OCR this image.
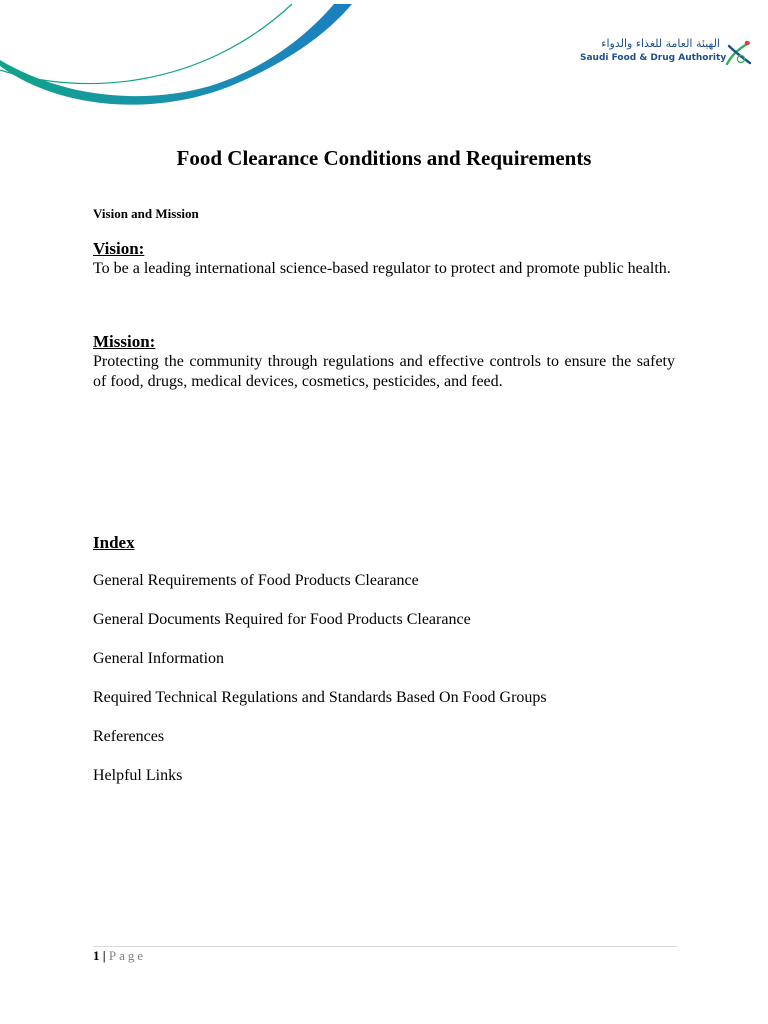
الهيئة العامة للغذاء والدواء
Saudi Food & Drug Authority
Food Clearance Conditions and Requirements

Vision and Mission

Vision:

To be a leading international science-based regulator to protect and promote public health.

Mission:

Protecting the community through regulations and effective controls to ensure the safety of food, drugs, medical devices, cosmetics, pesticides, and feed.

Index
General Requirements of Food Products Clearance
General Documents Required for Food Products Clearance
General Information
Required Technical Regulations and Standards Based On Food Groups
References
Helpful Links
1 | Page
